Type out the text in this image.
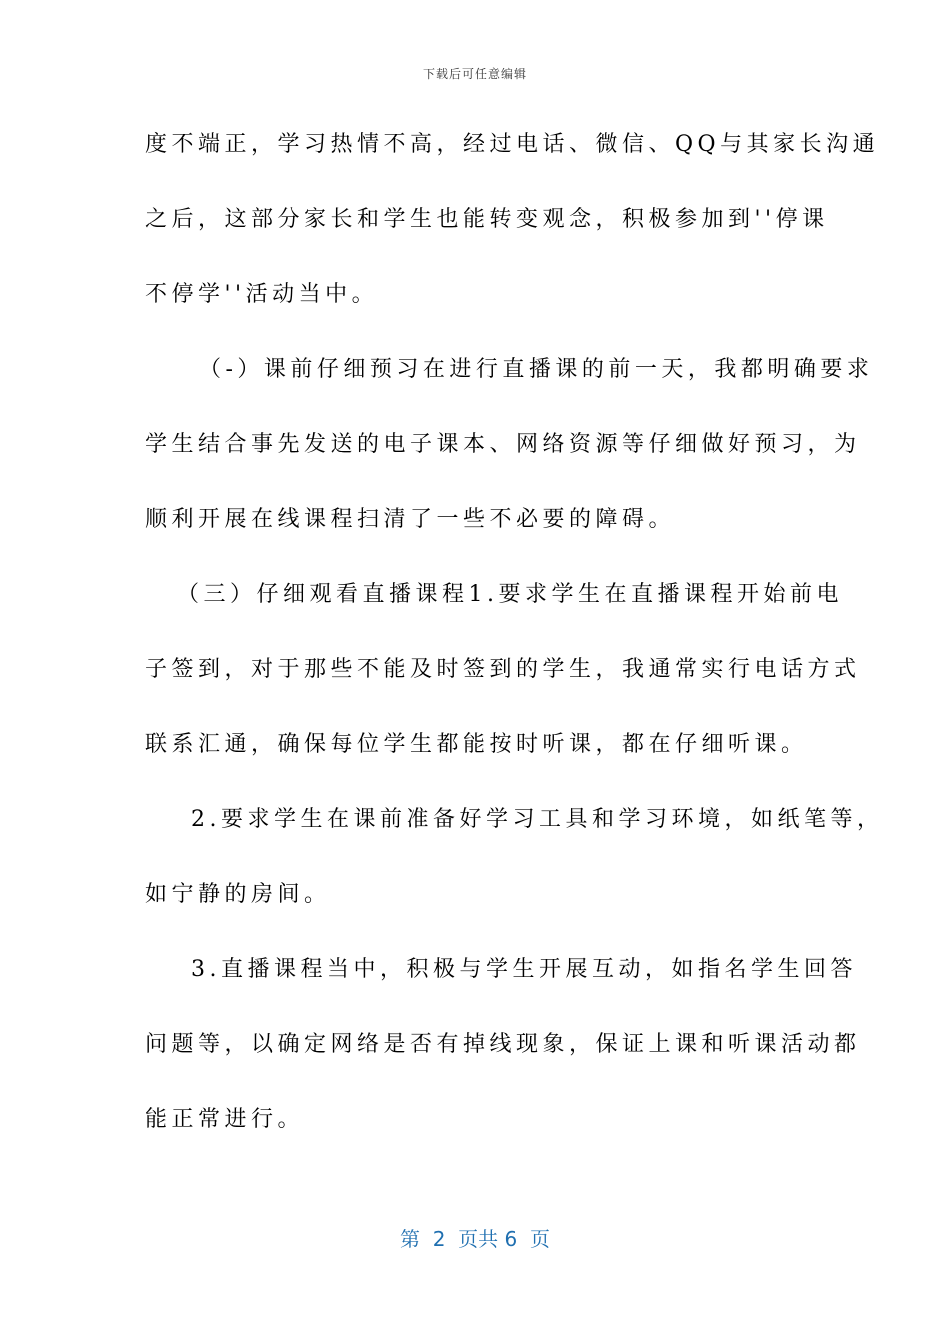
下载后可任意编辑
度不端正，学习热情不高，经过电话、微信、QQ与其家长沟通
之后，这部分家长和学生也能转变观念，积极参加到''停课
不停学''活动当中。
（-）课前仔细预习在进行直播课的前一天，我都明确要求
学生结合事先发送的电子课本、网络资源等仔细做好预习，为
顺利开展在线课程扫清了一些不必要的障碍。
（三）仔细观看直播课程1.要求学生在直播课程开始前电
子签到，对于那些不能及时签到的学生，我通常实行电话方式
联系汇通，确保每位学生都能按时听课，都在仔细听课。
2.要求学生在课前准备好学习工具和学习环境，如纸笔等，
如宁静的房间。
3.直播课程当中，积极与学生开展互动，如指名学生回答
问题等，以确定网络是否有掉线现象，保证上课和听课活动都
能正常进行。
第  2  页共 6  页
